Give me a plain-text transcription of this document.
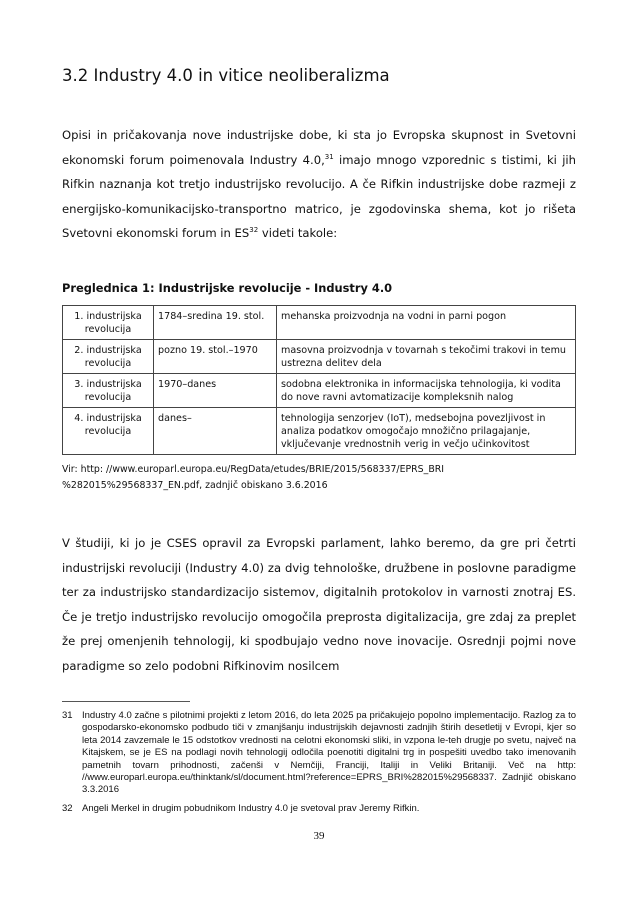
3.2 Industry 4.0 in vitice neoliberalizma
Opisi in pričakovanja nove industrijske dobe, ki sta jo Evropska skupnost in Svetovni ekonomski forum poimenovala Industry 4.0,31 imajo mnogo vzporednic s tistimi, ki jih Rifkin naznanja kot tretjo industrijsko revolucijo. A če Rifkin industrijske dobe razmeji z energijsko-komunikacijsko-transportno matrico, je zgodovinska shema, kot jo rišeta Svetovni ekonomski forum in ES$^{32}$ videti takole:
Preglednica 1: Industrijske revolucije - Industry 4.0
1. industrijska revolucija	1784–sredina 19. stol.	mehanska proizvodnja na vodni in parni pogon
2. industrijska revolucija	pozno 19. stol.–1970	masovna proizvodnja v tovarnah s tekočimi trakovi in temu ustrezna delitev dela
3. industrijska revolucija	1970–danes	sodobna elektronika in informacijska tehnologija, ki vodita do nove ravni avtomatizacije kompleksnih nalog
4. industrijska revolucija	danes–	tehnologija senzorjev (IoT), medsebojna povezljivost in analiza podatkov omogočajo množično prilagajanje, vključevanje vrednostnih verig in večjo učinkovitost
Vir: http: //www.europarl.europa.eu/RegData/etudes/BRIE/2015/568337/EPRS_BRI
%282015%29568337_EN.pdf, zadnjič obiskano 3.6.2016
V študiji, ki jo je CSES opravil za Evropski parlament, lahko beremo, da gre pri četrti industrijski revoluciji (Industry 4.0) za dvig tehnološke, družbene in poslovne paradigme ter za industrijsko standardizacijo sistemov, digitalnih protokolov in varnosti znotraj ES. Če je tretjo industrijsko revolucijo omogočila preprosta digitalizacija, gre zdaj za preplet že prej omenjenih tehnologij, ki spodbujajo vedno nove inovacije. Osrednji pojmi nove paradigme so zelo podobni Rifkinovim nosilcem
31 Industry 4.0 začne s pilotnimi projekti z letom 2016, do leta 2025 pa pričakujejo popolno implementacijo. Razlog za to gospodarsko-ekonomsko podbudo tiči v zmanjšanju industrijskih dejavnosti zadnjih štirih desetletij v Evropi, kjer so leta 2014 zavzemale le 15 odstotkov vrednosti na celotni ekonomski sliki, in vzpona le-teh drugje po svetu, največ na Kitajskem, se je ES na podlagi novih tehnologij odločila poenotiti digitalni trg in pospešiti uvedbo tako imenovanih pametnih tovarn prihodnosti, začenši v Nemčiji, Franciji, Italiji in Veliki Britaniji. Več na http: //www.europarl.europa.eu/thinktank/sl/document.html?reference=EPRS_BRI%282015%29568337. Zadnjič obiskano 3.3.2016
32 Angeli Merkel in drugim pobudnikom Industry 4.0 je svetoval prav Jeremy Rifkin.
39
